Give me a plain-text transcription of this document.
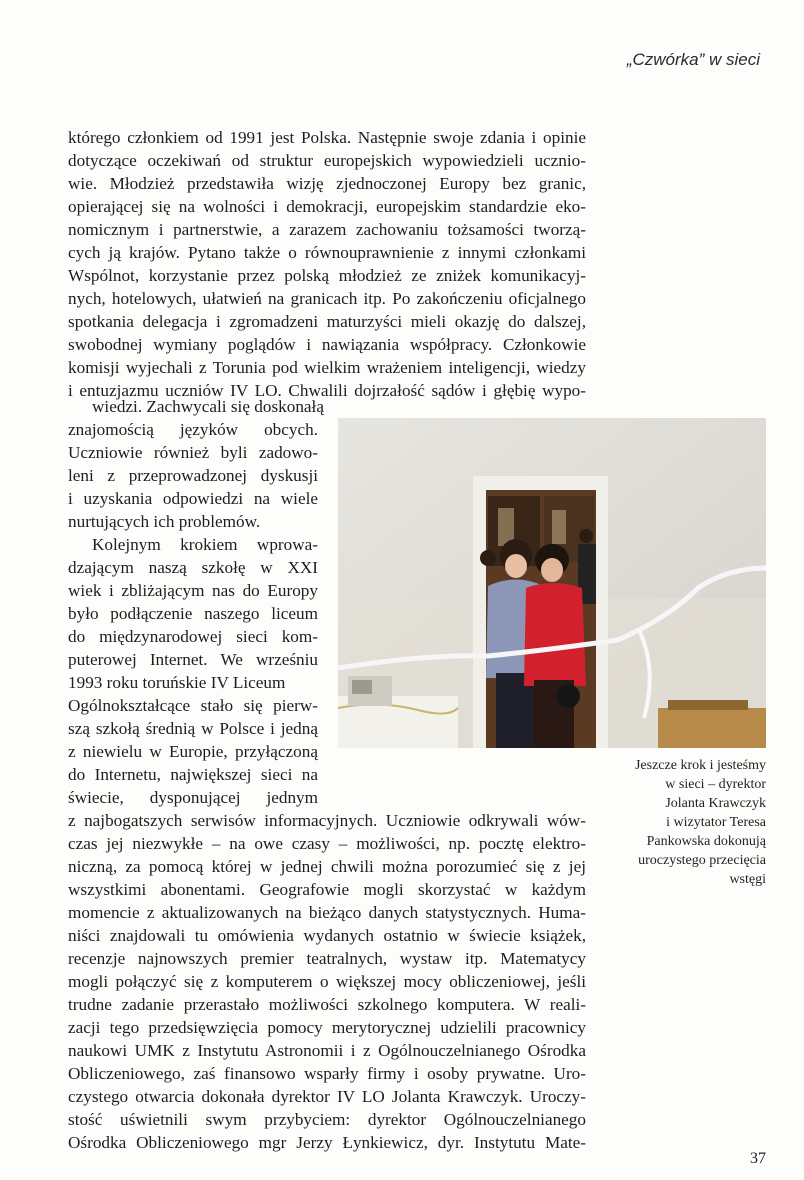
„Czwórka” w sieci
którego członkiem od 1991 jest Polska. Następnie swoje zdania i opinie
dotyczące oczekiwań od struktur europejskich wypowiedzieli ucznio-
wie. Młodzież przedstawiła wizję zjednoczonej Europy bez granic,
opierającej się na wolności i demokracji, europejskim standardzie eko-
nomicznym i partnerstwie, a zarazem zachowaniu tożsamości tworzą-
cych ją krajów. Pytano także o równouprawnienie z innymi członkami
Wspólnot, korzystanie przez polską młodzież ze zniżek komunikacyj-
nych, hotelowych, ułatwień na granicach itp. Po zakończeniu oficjalnego
spotkania delegacja i zgromadzeni maturzyści mieli okazję do dalszej,
swobodnej wymiany poglądów i nawiązania współpracy. Członkowie
komisji wyjechali z Torunia pod wielkim wrażeniem inteligencji, wiedzy
i entuzjazmu uczniów IV LO. Chwalili dojrzałość sądów i głębię wypo-
wiedzi. Zachwycali się doskonałą
znajomością języków obcych.
Uczniowie również byli zadowo-
leni z przeprowadzonej dyskusji
i uzyskania odpowiedzi na wiele
nurtujących ich problemów.
Kolejnym krokiem wprowa-
dzającym naszą szkołę w XXI
wiek i zbliżającym nas do Europy
było podłączenie naszego liceum
do międzynarodowej sieci kom-
puterowej Internet. We wrześniu
1993 roku toruńskie IV Liceum
Ogólnokształcące stało się pierw-
szą szkołą średnią w Polsce i jedną
z niewielu w Europie, przyłączoną
do Internetu, największej sieci na
świecie, dysponującej jednym
z najbogatszych serwisów informacyjnych. Uczniowie odkrywali wów-
czas jej niezwykłe – na owe czasy – możliwości, np. pocztę elektro-
niczną, za pomocą której w jednej chwili można porozumieć się z jej
wszystkimi abonentami. Geografowie mogli skorzystać w każdym
momencie z aktualizowanych na bieżąco danych statystycznych. Huma-
niści znajdowali tu omówienia wydanych ostatnio w świecie książek,
recenzje najnowszych premier teatralnych, wystaw itp. Matematycy
mogli połączyć się z komputerem o większej mocy obliczeniowej, jeśli
trudne zadanie przerastało możliwości szkolnego komputera. W reali-
zacji tego przedsięwzięcia pomocy merytorycznej udzielili pracownicy
naukowi UMK z Instytutu Astronomii i z Ogólnouczelnianego Ośrodka
Obliczeniowego, zaś finansowo wsparły firmy i osoby prywatne. Uro-
czystego otwarcia dokonała dyrektor IV LO Jolanta Krawczyk. Uroczy-
stość uświetnili swym przybyciem: dyrektor Ogólnouczelnianego
Ośrodka Obliczeniowego mgr Jerzy Łynkiewicz, dyr. Instytutu Mate-
Jeszcze krok i jesteśmy
w sieci – dyrektor
Jolanta Krawczyk
i wizytator Teresa
Pankowska dokonują
uroczystego przecięcia
wstęgi
37
